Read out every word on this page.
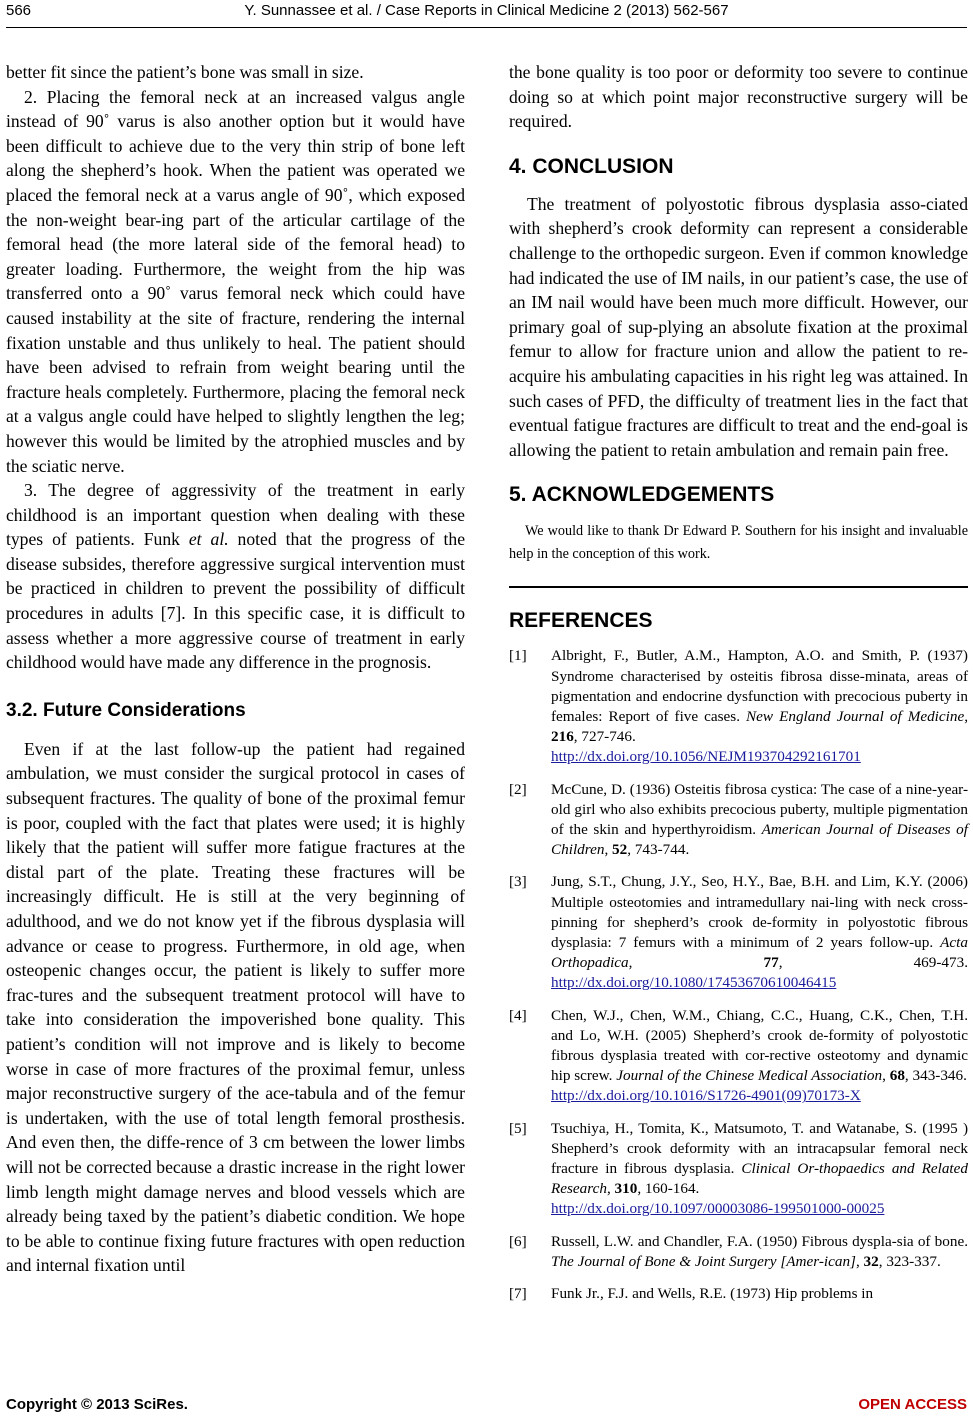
566	Y. Sunnassee et al. / Case Reports in Clinical Medicine 2 (2013) 562-567

better fit since the patient’s bone was small in size.

2. Placing the femoral neck at an increased valgus angle instead of 90˚ varus is also another option but it would have been difficult to achieve due to the very thin strip of bone left along the shepherd’s hook. When the patient was operated we placed the femoral neck at a varus angle of 90˚, which exposed the non-weight bear-ing part of the articular cartilage of the femoral head (the more lateral side of the femoral head) to greater loading. Furthermore, the weight from the hip was transferred onto a 90˚ varus femoral neck which could have caused instability at the site of fracture, rendering the internal fixation unstable and thus unlikely to heal. The patient should have been advised to refrain from weight bearing until the fracture heals completely. Furthermore, placing the femoral neck at a valgus angle could have helped to slightly lengthen the leg; however this would be limited by the atrophied muscles and by the sciatic nerve.

3. The degree of aggressivity of the treatment in early childhood is an important question when dealing with these types of patients. Funk et al. noted that the progress of the disease subsides, therefore aggressive surgical intervention must be practiced in children to prevent the possibility of difficult procedures in adults [7]. In this specific case, it is difficult to assess whether a more aggressive course of treatment in early childhood would have made any difference in the prognosis.

3.2. Future Considerations

Even if at the last follow-up the patient had regained ambulation, we must consider the surgical protocol in cases of subsequent fractures. The quality of bone of the proximal femur is poor, coupled with the fact that plates were used; it is highly likely that the patient will suffer more fatigue fractures at the distal part of the plate. Treating these fractures will be increasingly difficult. He is still at the very beginning of adulthood, and we do not know yet if the fibrous dysplasia will advance or cease to progress. Furthermore, in old age, when osteopenic changes occur, the patient is likely to suffer more frac-tures and the subsequent treatment protocol will have to take into consideration the impoverished bone quality. This patient’s condition will not improve and is likely to become worse in case of more fractures of the proximal femur, unless major reconstructive surgery of the ace-tabula and of the femur is undertaken, with the use of total length femoral prosthesis. And even then, the diffe-rence of 3 cm between the lower limbs will not be corrected because a drastic increase in the right lower limb length might damage nerves and blood vessels which are already being taxed by the patient’s diabetic condition. We hope to be able to continue fixing future fractures with open reduction and internal fixation until

the bone quality is too poor or deformity too severe to continue doing so at which point major reconstructive surgery will be required.

4. CONCLUSION

The treatment of polyostotic fibrous dysplasia asso-ciated with shepherd’s crook deformity can represent a considerable challenge to the orthopedic surgeon. Even if common knowledge had indicated the use of IM nails, in our patient’s case, the use of an IM nail would have been much more difficult. However, our primary goal of sup-plying an absolute fixation at the proximal femur to allow for fracture union and allow the patient to re-acquire his ambulating capacities in his right leg was attained. In such cases of PFD, the difficulty of treatment lies in the fact that eventual fatigue fractures are difficult to treat and the end-goal is allowing the patient to retain ambulation and remain pain free.

5. ACKNOWLEDGEMENTS

We would like to thank Dr Edward P. Southern for his insight and invaluable help in the conception of this work.

REFERENCES
[1]	Albright, F., Butler, A.M., Hampton, A.O. and Smith, P. (1937) Syndrome characterised by osteitis fibrosa disse-minata, areas of pigmentation and endocrine dysfunction with precocious puberty in females: Report of five cases. New England Journal of Medicine, 216, 727-746.
http://dx.doi.org/10.1056/NEJM193704292161701
[2]	McCune, D. (1936) Osteitis fibrosa cystica: The case of a nine-year-old girl who also exhibits precocious puberty, multiple pigmentation of the skin and hyperthyroidism. American Journal of Diseases of Children, 52, 743-744.
[3]	Jung, S.T., Chung, J.Y., Seo, H.Y., Bae, B.H. and Lim, K.Y. (2006) Multiple osteotomies and intramedullary nai-ling with neck cross-pinning for shepherd’s crook de-formity in polyostotic fibrous dysplasia: 7 femurs with a minimum of 2 years follow-up. Acta Orthopadica, 77, 469-473. http://dx.doi.org/10.1080/17453670610046415
[4]	Chen, W.J., Chen, W.M., Chiang, C.C., Huang, C.K., Chen, T.H. and Lo, W.H. (2005) Shepherd’s crook de-formity of polyostotic fibrous dysplasia treated with cor-rective osteotomy and dynamic hip screw. Journal of the Chinese Medical Association, 68, 343-346.
http://dx.doi.org/10.1016/S1726-4901(09)70173-X
[5]	Tsuchiya, H., Tomita, K., Matsumoto, T. and Watanabe, S. (1995 ) Shepherd’s crook deformity with an intracapsular femoral neck fracture in fibrous dysplasia. Clinical Or-thopaedics and Related Research, 310, 160-164.
http://dx.doi.org/10.1097/00003086-199501000-00025
[6]	Russell, L.W. and Chandler, F.A. (1950) Fibrous dyspla-sia of bone. The Journal of Bone & Joint Surgery [Amer-ican], 32, 323-337.
[7]	Funk Jr., F.J. and Wells, R.E. (1973) Hip problems in
Copyright © 2013 SciRes.	OPEN ACCESS
